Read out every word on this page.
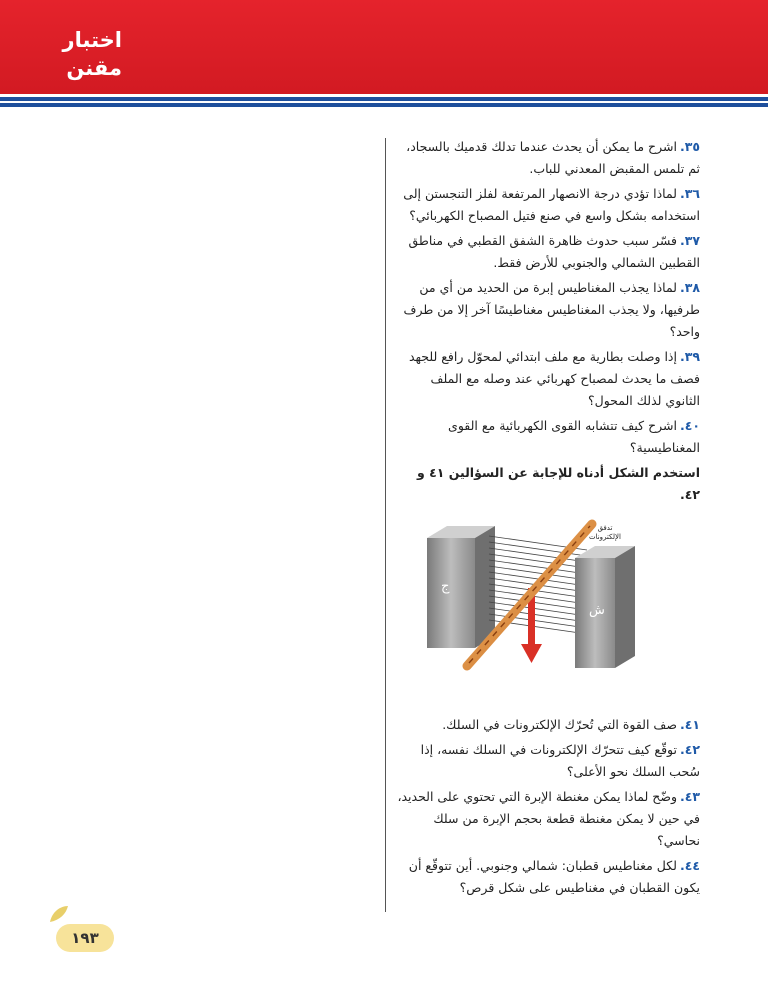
اختبار
مقنن
٣٥.اشرح ما يمكن أن يحدث عندما تدلك قدميك بالسجاد، ثم تلمس المقبض المعدني للباب.
٣٦.لماذا تؤدي درجة الانصهار المرتفعة لفلز التنجستن إلى استخدامه بشكل واسع في صنع فتيل المصباح الكهربائي؟
٣٧.فسّر سبب حدوث ظاهرة الشفق القطبي في مناطق القطبين الشمالي والجنوبي للأرض فقط.
٣٨.لماذا يجذب المغناطيس إبرة من الحديد من أي من طرفيها، ولا يجذب المغناطيس مغناطيسًا آخر إلا من طرف واحد؟
٣٩.إذا وصلت بطارية مع ملف ابتدائي لمحوّل رافع للجهد فصف ما يحدث لمصباح كهربائي عند وصله مع الملف الثانوي لذلك المحول؟
٤٠.اشرح كيف تتشابه القوى الكهربائية مع القوى المغناطيسية؟
استخدم الشكل أدناه للإجابة عن السؤالين ٤١ و ٤٢.
ج
ش
تدفق
الإلكترونات
٤١.صف القوة التي تُحرّك الإلكترونات في السلك.
٤٢.توقّع كيف تتحرّك الإلكترونات في السلك نفسه، إذا سُحب السلك نحو الأعلى؟
٤٣.وضّح لماذا يمكن مغنطة الإبرة التي تحتوي على الحديد، في حين لا يمكن مغنطة قطعة بحجم الإبرة من سلك نحاسي؟
٤٤.لكل مغناطيس قطبان: شمالي وجنوبي. أين تتوقّع أن يكون القطبان في مغناطيس على شكل قرص؟
١٩٣
